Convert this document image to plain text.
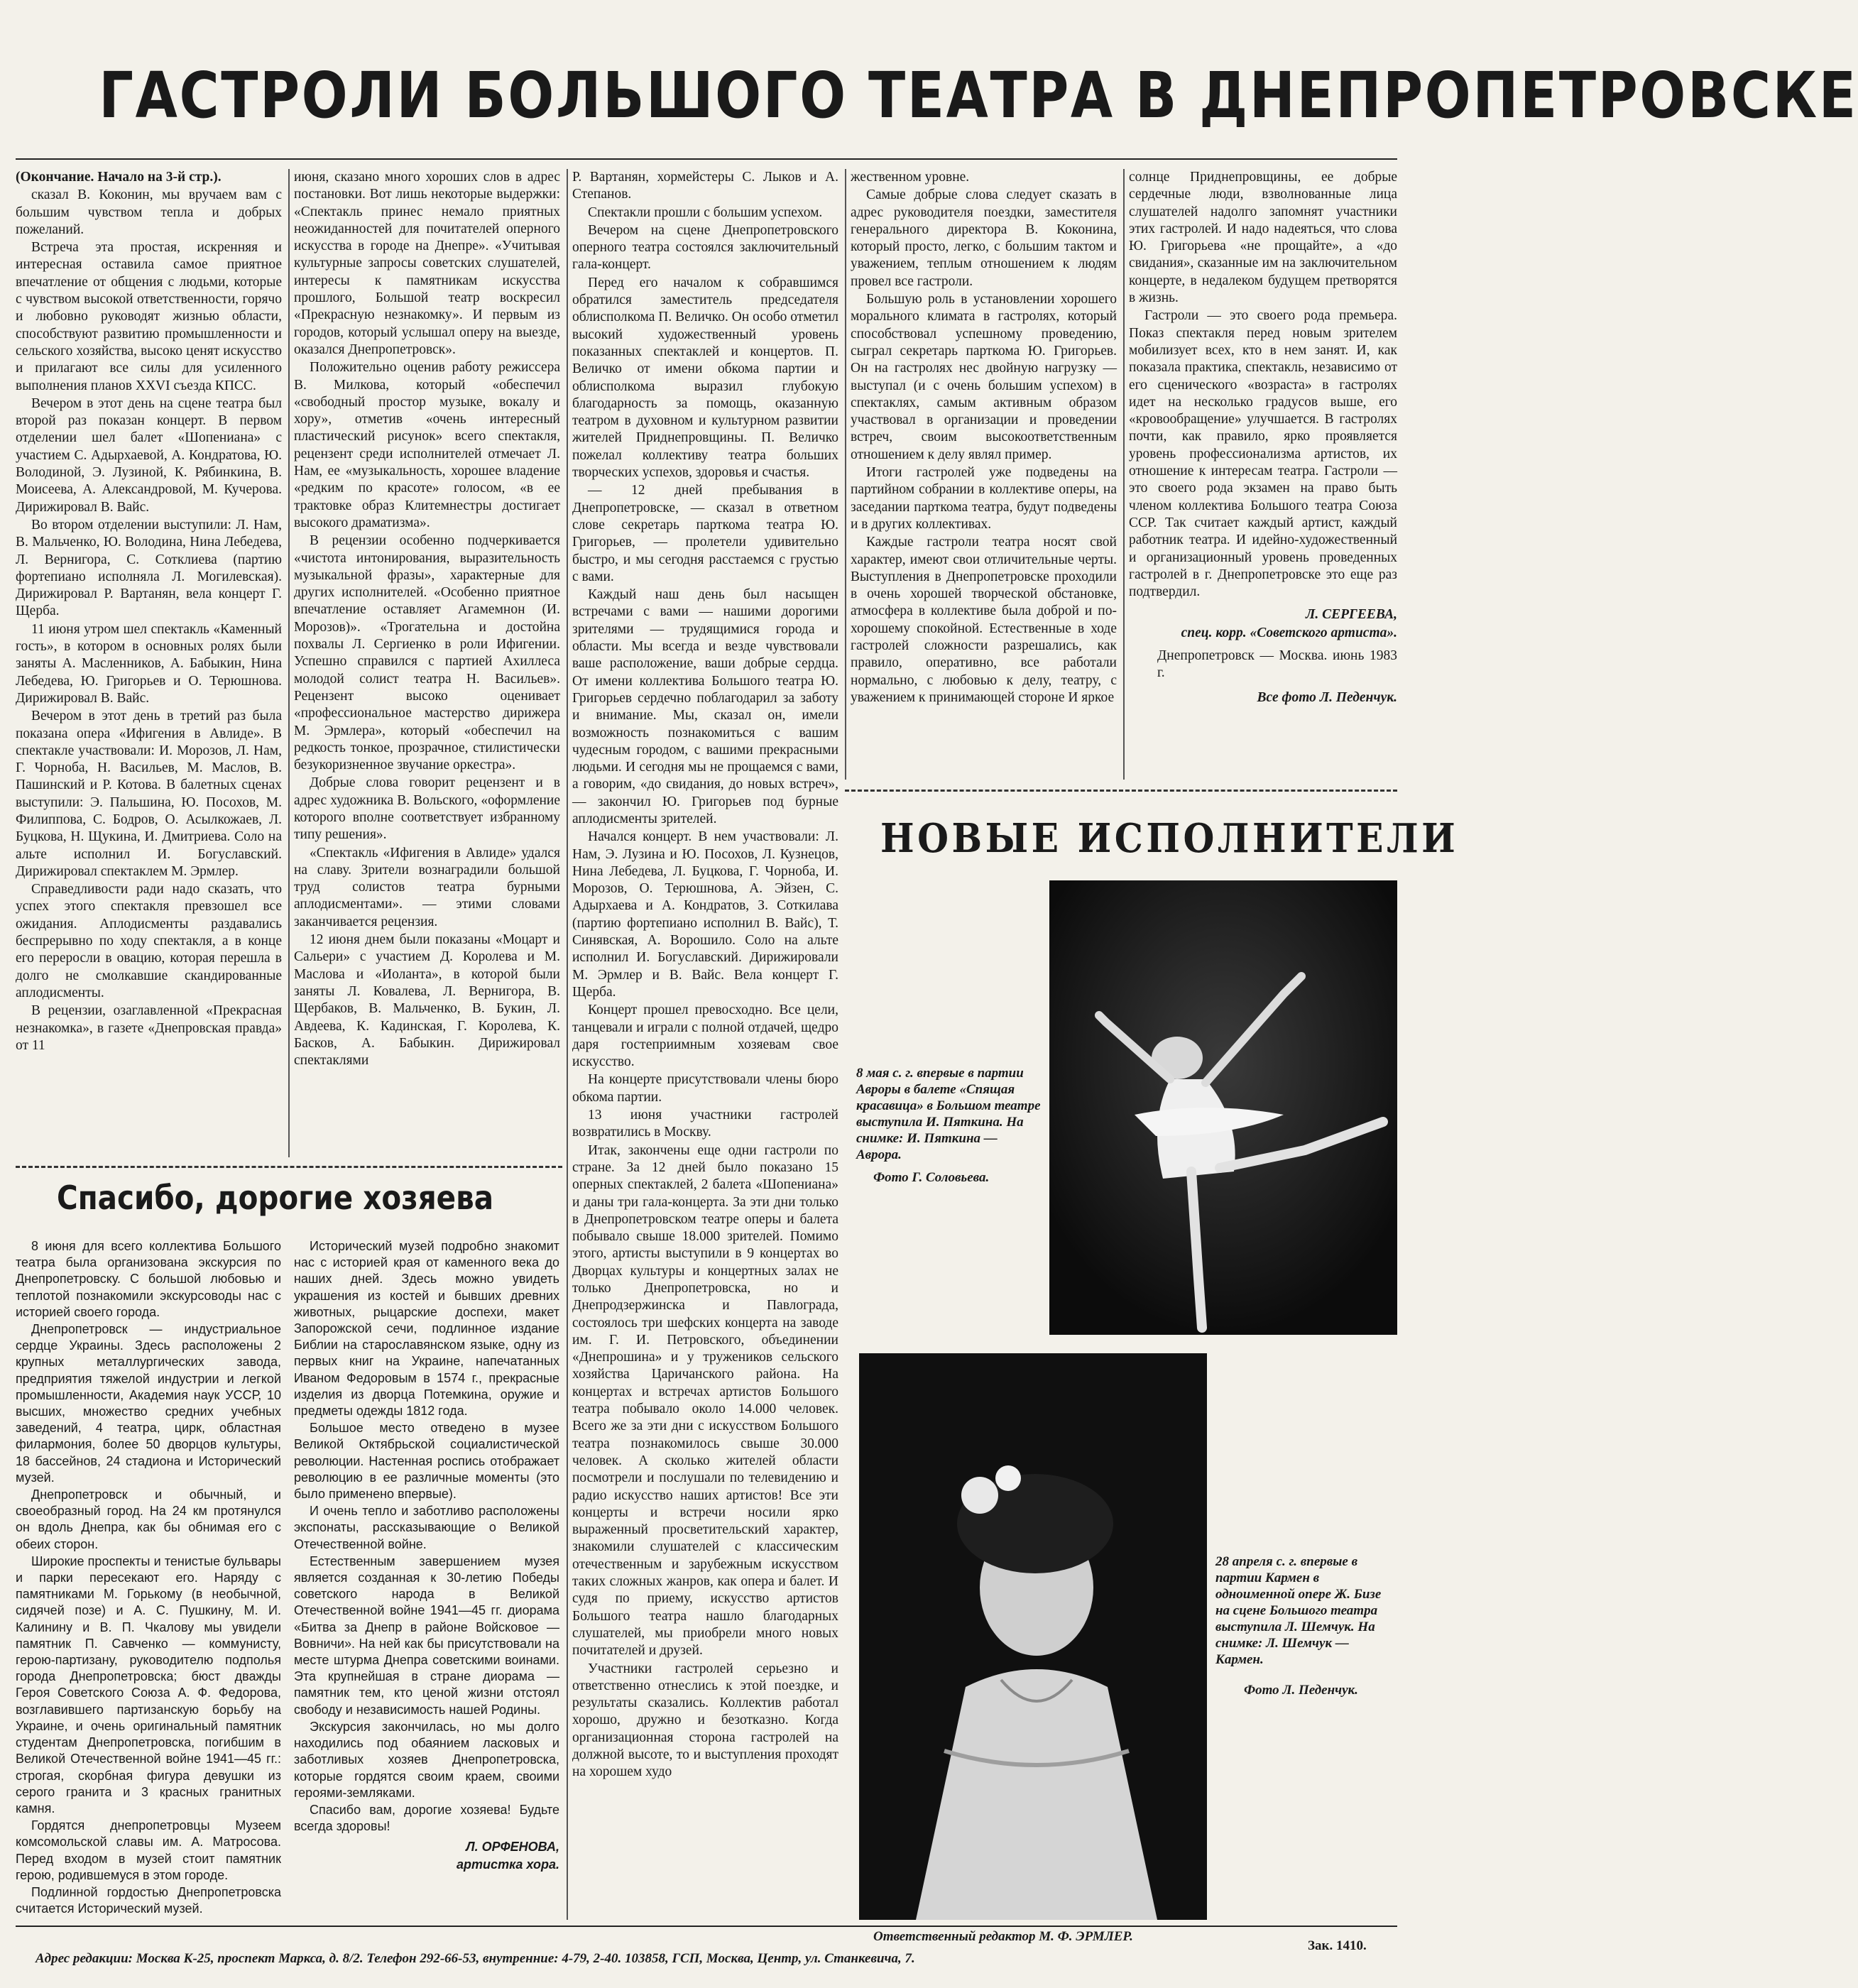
ГАСТРОЛИ БОЛЬШОГО ТЕАТРА В ДНЕПРОПЕТРОВСКЕ

(Окончание. Начало на 3-й стр.).

сказал В. Коконин, мы вручаем вам с большим чувством тепла и добрых пожеланий.

Встреча эта простая, искренняя и интересная оставила самое приятное впечатление от общения с людьми, которые с чувством высокой ответственности, горячо и любовно руководят жизнью области, способствуют развитию промышленности и сельского хозяйства, высоко ценят искусство и прилагают все силы для усиленного выполнения планов XXVI съезда КПСС.

Вечером в этот день на сцене театра был второй раз показан концерт. В первом отделении шел балет «Шопениана» с участием С. Адырхаевой, А. Кондратова, Ю. Володиной, Э. Лузиной, К. Рябинкина, В. Моисеева, А. Александровой, М. Кучерова. Дирижировал В. Вайс.

Во втором отделении выступили: Л. Нам, В. Мальченко, Ю. Володина, Нина Лебедева, Л. Вернигора, С. Сотклиева (партию фортепиано исполняла Л. Могилевская). Дирижировал Р. Вартанян, вела концерт Г. Щерба.

11 июня утром шел спектакль «Каменный гость», в котором в основных ролях были заняты А. Масленников, А. Бабыкин, Нина Лебедева, Ю. Григорьев и О. Терюшнова. Дирижировал В. Вайс.

Вечером в этот день в третий раз была показана опера «Ифигения в Авлиде». В спектакле участвовали: И. Морозов, Л. Нам, Г. Чорноба, Н. Васильев, М. Маслов, В. Пашинский и Р. Котова. В балетных сценах выступили: Э. Пальшина, Ю. Посохов, М. Филиппова, С. Бодров, О. Асылкожаев, Л. Буцкова, Н. Щукина, И. Дмитриева. Соло на альте исполнил И. Богуславский. Дирижировал спектаклем М. Эрмлер.

Справедливости ради надо сказать, что успех этого спектакля превзошел все ожидания. Аплодисменты раздавались беспрерывно по ходу спектакля, а в конце его переросли в овацию, которая перешла в долго не смолкавшие скандированные аплодисменты.

В рецензии, озаглавленной «Прекрасная незнакомка», в газете «Днепровская правда» от 11

июня, сказано много хороших слов в адрес постановки. Вот лишь некоторые выдержки: «Спектакль принес немало приятных неожиданностей для почитателей оперного искусства в городе на Днепре». «Учитывая культурные запросы советских слушателей, интересы к памятникам искусства прошлого, Большой театр воскресил «Прекрасную незнакомку». И первым из городов, который услышал оперу на выезде, оказался Днепропетровск».

Положительно оценив работу режиссера В. Милкова, который «обеспечил «свободный простор музыке, вокалу и хору», отметив «очень интересный пластический рисунок» всего спектакля, рецензент среди исполнителей отмечает Л. Нам, ее «музыкальность, хорошее владение «редким по красоте» голосом, «в ее трактовке образ Клитемнестры достигает высокого драматизма».

В рецензии особенно подчеркивается «чистота интонирования, выразительность музыкальной фразы», характерные для других исполнителей. «Особенно приятное впечатление оставляет Агамемнон (И. Морозов)». «Трогательна и достойна похвалы Л. Сергиенко в роли Ифигении. Успешно справился с партией Ахиллеса молодой солист театра Н. Васильев». Рецензент высоко оценивает «профессиональное мастерство дирижера М. Эрмлера», который «обеспечил на редкость тонкое, прозрачное, стилистически безукоризненное звучание оркестра».

Добрые слова говорит рецензент и в адрес художника В. Вольского, «оформление которого вполне соответствует избранному типу решения».

«Спектакль «Ифигения в Авлиде» удался на славу. Зрители вознаградили большой труд солистов театра бурными аплодисментами». — этими словами заканчивается рецензия.

12 июня днем были показаны «Моцарт и Сальери» с участием Д. Королева и М. Маслова и «Иоланта», в которой были заняты Л. Ковалева, Л. Вернигора, В. Щербаков, В. Мальченко, В. Букин, Л. Авдеева, К. Кадинская, Г. Королева, К. Басков, А. Бабыкин. Дирижировал спектаклями

Р. Вартанян, хормейстеры С. Лыков и А. Степанов.

Спектакли прошли с большим успехом.

Вечером на сцене Днепропетровского оперного театра состоялся заключительный гала-концерт.

Перед его началом к собравшимся обратился заместитель председателя облисполкома П. Величко. Он особо отметил высокий художественный уровень показанных спектаклей и концертов. П. Величко от имени обкома партии и облисполкома выразил глубокую благодарность за помощь, оказанную театром в духовном и культурном развитии жителей Приднепровщины. П. Величко пожелал коллективу театра больших творческих успехов, здоровья и счастья.

— 12 дней пребывания в Днепропетровске, — сказал в ответном слове секретарь парткома театра Ю. Григорьев, — пролетели удивительно быстро, и мы сегодня расстаемся с грустью с вами.

Каждый наш день был насыщен встречами с вами — нашими дорогими зрителями — трудящимися города и области. Мы всегда и везде чувствовали ваше расположение, ваши добрые сердца. От имени коллектива Большого театра Ю. Григорьев сердечно поблагодарил за заботу и внимание. Мы, сказал он, имели возможность познакомиться с вашим чудесным городом, с вашими прекрасными людьми. И сегодня мы не прощаемся с вами, а говорим, «до свидания, до новых встреч», — закончил Ю. Григорьев под бурные аплодисменты зрителей.

Начался концерт. В нем участвовали: Л. Нам, Э. Лузина и Ю. Посохов, Л. Кузнецов, Нина Лебедева, Л. Буцкова, Г. Чорноба, И. Морозов, О. Терюшнова, А. Эйзен, С. Адырхаева и А. Кондратов, З. Соткилава (партию фортепиано исполнил В. Вайс), Т. Синявская, А. Ворошило. Соло на альте исполнил И. Богуславский. Дирижировали М. Эрмлер и В. Вайс. Вела концерт Г. Щерба.

Концерт прошел превосходно. Все цели, танцевали и играли с полной отдачей, щедро даря гостеприимным хозяевам свое искусство.

На концерте присутствовали члены бюро обкома партии.

13 июня участники гастролей возвратились в Москву.

Итак, закончены еще одни гастроли по стране. За 12 дней было показано 15 оперных спектаклей, 2 балета «Шопениана» и даны три гала-концерта. За эти дни только в Днепропетровском театре оперы и балета побывало свыше 18.000 зрителей. Помимо этого, артисты выступили в 9 концертах во Дворцах культуры и концертных залах не только Днепропетровска, но и Днепродзержинска и Павлограда, состоялось три шефских концерта на заводе им. Г. И. Петровского, объединении «Днепрошина» и у тружеников сельского хозяйства Царичанского района. На концертах и встречах артистов Большого театра побывало около 14.000 человек. Всего же за эти дни с искусством Большого театра познакомилось свыше 30.000 человек. А сколько жителей области посмотрели и послушали по телевидению и радио искусство наших артистов! Все эти концерты и встречи носили ярко выраженный просветительский характер, знакомили слушателей с классическим отечественным и зарубежным искусством таких сложных жанров, как опера и балет. И судя по приему, искусство артистов Большого театра нашло благодарных слушателей, мы приобрели много новых почитателей и друзей.

Участники гастролей серьезно и ответственно отнеслись к этой поездке, и результаты сказались. Коллектив работал хорошо, дружно и безотказно. Когда организационная сторона гастролей на должной высоте, то и выступления проходят на хорошем худо

жественном уровне.

Самые добрые слова следует сказать в адрес руководителя поездки, заместителя генерального директора В. Коконина, который просто, легко, с большим тактом и уважением, теплым отношением к людям провел все гастроли.

Большую роль в установлении хорошего морального климата в гастролях, который способствовал успешному проведению, сыграл секретарь парткома Ю. Григорьев. Он на гастролях нес двойную нагрузку — выступал (и с очень большим успехом) в спектаклях, самым активным образом участвовал в организации и проведении встреч, своим высокоответственным отношением к делу являл пример.

Итоги гастролей уже подведены на партийном собрании в коллективе оперы, на заседании парткома театра, будут подведены и в других коллективах.

Каждые гастроли театра носят свой характер, имеют свои отличительные черты. Выступления в Днепропетровске проходили в очень хорошей творческой обстановке, атмосфера в коллективе была доброй и по-хорошему спокойной. Естественные в ходе гастролей сложности разрешались, как правило, оперативно, все работали нормально, с любовью к делу, театру, с уважением к принимающей стороне И яркое

солнце Приднепровщины, ее добрые сердечные люди, взволнованные лица слушателей надолго запомнят участники этих гастролей. И надо надеяться, что слова Ю. Григорьева «не прощайте», а «до свидания», сказанные им на заключительном концерте, в недалеком будущем претворятся в жизнь.

Гастроли — это своего рода премьера. Показ спектакля перед новым зрителем мобилизует всех, кто в нем занят. И, как показала практика, спектакль, независимо от его сценического «возраста» в гастролях идет на несколько градусов выше, его «кровообращение» улучшается. В гастролях почти, как правило, ярко проявляется уровень профессионализма артистов, их отношение к интересам театра. Гастроли — это своего рода экзамен на право быть членом коллектива Большого театра Союза ССР. Так считает каждый артист, каждый работник театра. И идейно-художественный и организационный уровень проведенных гастролей в г. Днепропетровске это еще раз подтвердил.

Л. СЕРГЕЕВА,

спец. корр. «Советского артиста».

Днепропетровск — Москва. июнь 1983 г.

Все фото Л. Педенчук.

Спасибо, дорогие хозяева

8 июня для всего коллектива Большого театра была организована экскурсия по Днепропетровску. С большой любовью и теплотой познакомили экскурсоводы нас с историей своего города.

Днепропетровск — индустриальное сердце Украины. Здесь расположены 2 крупных металлургических завода, предприятия тяжелой индустрии и легкой промышленности, Академия наук УССР, 10 высших, множество средних учебных заведений, 4 театра, цирк, областная филармония, более 50 дворцов культуры, 18 бассейнов, 24 стадиона и Исторический музей.

Днепропетровск и обычный, и своеобразный город. На 24 км протянулся он вдоль Днепра, как бы обнимая его с обеих сторон.

Широкие проспекты и тенистые бульвары и парки пересекают его. Наряду с памятниками М. Горькому (в необычной, сидячей позе) и А. С. Пушкину, М. И. Калинину и В. П. Чкалову мы увидели памятник П. Савченко — коммунисту, герою-партизану, руководителю подполья города Днепропетровска; бюст дважды Героя Советского Союза А. Ф. Федорова, возглавившего партизанскую борьбу на Украине, и очень оригинальный памятник студентам Днепропетровска, погибшим в Великой Отечественной войне 1941—45 гг.: строгая, скорбная фигура девушки из серого гранита и 3 красных гранитных камня.

Гордятся днепропетровцы Музеем комсомольской славы им. А. Матросова. Перед входом в музей стоит памятник герою, родившемуся в этом городе.

Подлинной гордостью Днепропетровска считается Исторический музей.

Исторический музей подробно знакомит нас с историей края от каменного века до наших дней. Здесь можно увидеть украшения из костей и бывших древних животных, рыцарские доспехи, макет Запорожской сечи, подлинное издание Библии на старославянском языке, одну из первых книг на Украине, напечатанных Иваном Федоровым в 1574 г., прекрасные изделия из дворца Потемкина, оружие и предметы одежды 1812 года.

Большое место отведено в музее Великой Октябрьской социалистической революции. Настенная роспись отображает революцию в ее различные моменты (это было применено впервые).

И очень тепло и заботливо расположены экспонаты, рассказывающие о Великой Отечественной войне.

Естественным завершением музея является созданная к 30-летию Победы советского народа в Великой Отечественной войне 1941—45 гг. диорама «Битва за Днепр в районе Войсковое — Вовничи». На ней как бы присутствовали на месте штурма Днепра советскими воинами. Эта крупнейшая в стране диорама — памятник тем, кто ценой жизни отстоял свободу и независимость нашей Родины.

Экскурсия закончилась, но мы долго находились под обаянием ласковых и заботливых хозяев Днепропетровска, которые гордятся своим краем, своими героями-земляками.

Спасибо вам, дорогие хозяева! Будьте всегда здоровы!

Л. ОРФЕНОВА,

артистка хора.

НОВЫЕ ИСПОЛНИТЕЛИ
8 мая с. г. впервые в партии Авроры в балете «Спящая красавица» в Большом театре выступила И. Пяткина. На снимке: И. Пяткина — Аврора.
Фото Г. Соловьева.
28 апреля с. г. впервые в партии Кармен в одноименной опере Ж. Бизе на сцене Большого театра выступила Л. Шемчук. На снимке: Л. Шемчук — Кармен.
Фото Л. Педенчук.
Ответственный редактор М. Ф. ЭРМЛЕР.
Адрес редакции: Москва К-25, проспект Маркса, д. 8/2. Телефон 292-66-53, внутренние: 4-79, 2-40. 103858, ГСП, Москва, Центр, ул. Станкевича, 7.
Зак. 1410.
